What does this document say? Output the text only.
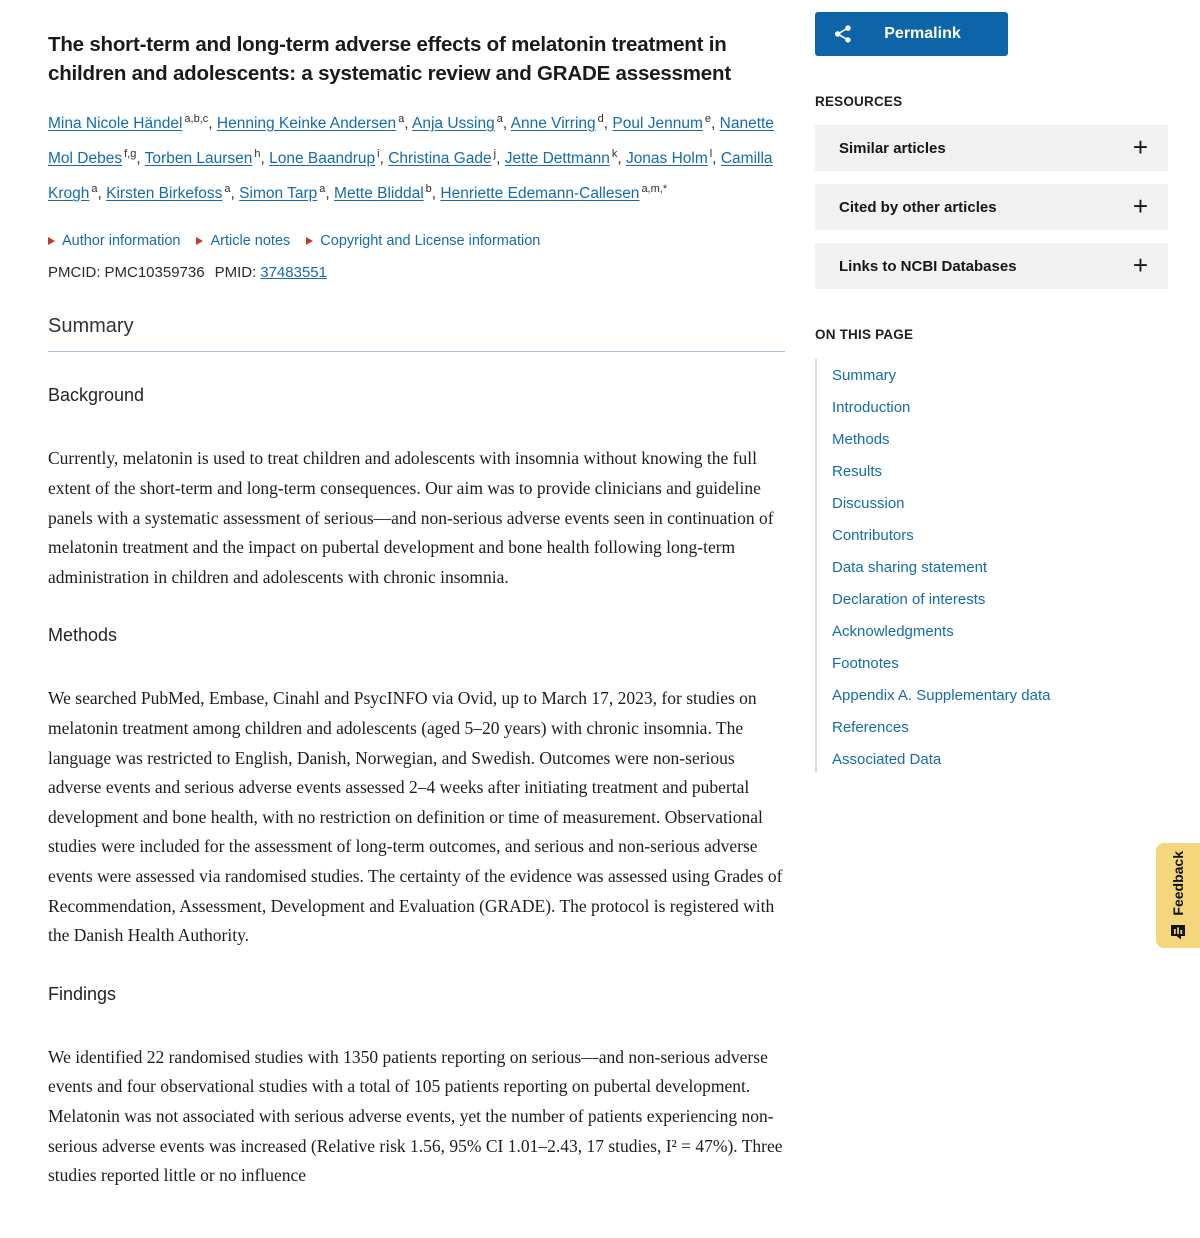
The short-term and long-term adverse effects of melatonin treatment in children and adolescents: a systematic review and GRADE assessment
Mina Nicole Händel $^{a,b,c}$, Henning Keinke Andersen $^a$, Anja Ussing $^a$, Anne Virring $^d$, Poul Jennum $^e$, Nanette Mol Debes $^{f,g}$, Torben Laursen $^h$, Lone Baandrup $^i$, Christina Gade $^j$, Jette Dettmann $^k$, Jonas Holm $^l$, Camilla Krogh $^a$, Kirsten Birkefoss $^a$, Simon Tarp $^a$, Mette Bliddal $^b$, Henriette Edemann-Callesen $^{a,m,*}$
Author information Article notes Copyright and License information
PMCID: PMC10359736 PMID: 37483551
Summary
Background

Currently, melatonin is used to treat children and adolescents with insomnia without knowing the full extent of the short-term and long-term consequences. Our aim was to provide clinicians and guideline panels with a systematic assessment of serious—and non-serious adverse events seen in continuation of melatonin treatment and the impact on pubertal development and bone health following long-term administration in children and adolescents with chronic insomnia.

Methods

We searched PubMed, Embase, Cinahl and PsycINFO via Ovid, up to March 17, 2023, for studies on melatonin treatment among children and adolescents (aged 5–20 years) with chronic insomnia. The language was restricted to English, Danish, Norwegian, and Swedish. Outcomes were non-serious adverse events and serious adverse events assessed 2–4 weeks after initiating treatment and pubertal development and bone health, with no restriction on definition or time of measurement. Observational studies were included for the assessment of long-term outcomes, and serious and non-serious adverse events were assessed via randomised studies. The certainty of the evidence was assessed using Grades of Recommendation, Assessment, Development and Evaluation (GRADE). The protocol is registered with the Danish Health Authority.

Findings

We identified 22 randomised studies with 1350 patients reporting on serious—and non-serious adverse events and four observational studies with a total of 105 patients reporting on pubertal development. Melatonin was not associated with serious adverse events, yet the number of patients experiencing non-serious adverse events was increased (Relative risk 1.56, 95% CI 1.01–2.43, 17 studies, I² = 47%). Three studies reported little or no influence

Permalink
RESOURCES
Similar articles	+
Cited by other articles	+
Links to NCBI Databases	+
ON THIS PAGE
Summary
Introduction
Methods
Results
Discussion
Contributors
Data sharing statement
Declaration of interests
Acknowledgments
Footnotes
Appendix A. Supplementary data
References
Associated Data
Feedback
